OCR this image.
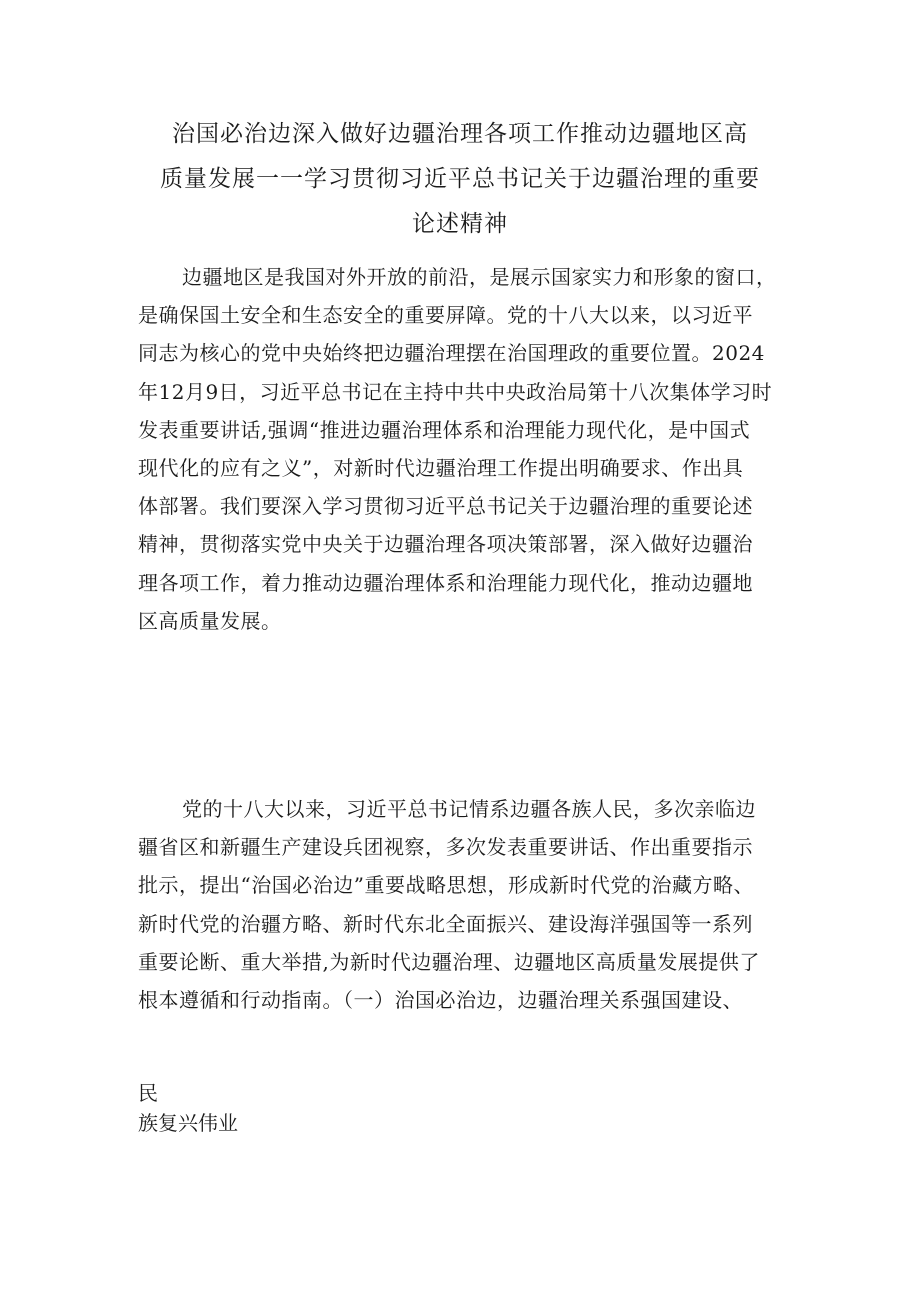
治国必治边深入做好边疆治理各项工作推动边疆地区高
质量发展一一学习贯彻习近平总书记关于边疆治理的重要
论述精神
边疆地区是我国对外开放的前沿，是展示国家实力和形象的窗口，
是确保国土安全和生态安全的重要屏障。党的十八大以来，以习近平
同志为核心的党中央始终把边疆治理摆在治国理政的重要位置。2024
年12月9日，习近平总书记在主持中共中央政治局第十八次集体学习时
发表重要讲话,强调“推进边疆治理体系和治理能力现代化，是中国式
现代化的应有之义”，对新时代边疆治理工作提出明确要求、作出具
体部署。我们要深入学习贯彻习近平总书记关于边疆治理的重要论述
精神，贯彻落实党中央关于边疆治理各项决策部署，深入做好边疆治
理各项工作，着力推动边疆治理体系和治理能力现代化，推动边疆地
区高质量发展。
党的十八大以来，习近平总书记情系边疆各族人民，多次亲临边
疆省区和新疆生产建设兵团视察，多次发表重要讲话、作出重要指示
批示，提出“治国必治边”重要战略思想，形成新时代党的治藏方略、
新时代党的治疆方略、新时代东北全面振兴、建设海洋强国等一系列
重要论断、重大举措,为新时代边疆治理、边疆地区高质量发展提供了
根本遵循和行动指南。（一）治国必治边，边疆治理关系强国建设、
民
族复兴伟业
